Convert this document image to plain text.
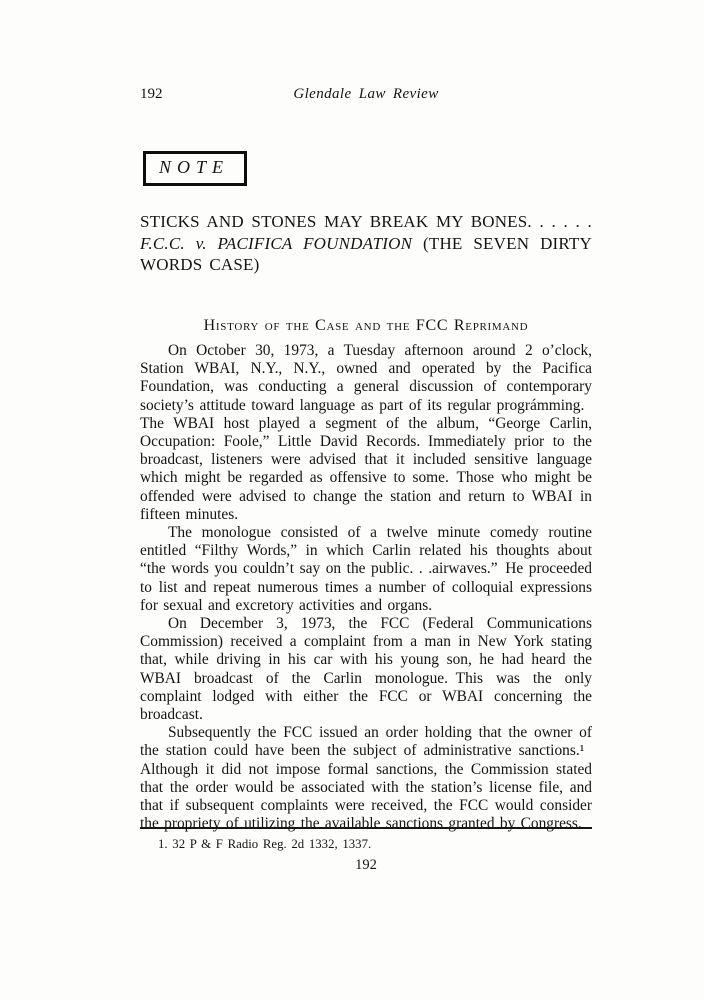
192	Glendale Law Review
NOTE

STICKS AND STONES MAY BREAK MY BONES. . . . . . F.C.C. v. PACIFICA FOUNDATION (THE SEVEN DIRTY WORDS CASE)

History of the Case and the FCC Reprimand

On October 30, 1973, a Tuesday afternoon around 2 o’clock, Station WBAI, N.Y., N.Y., owned and operated by the Pacifica Foundation, was conducting a general discussion of contemporary society’s attitude toward language as part of its regular prográmming. The WBAI host played a segment of the album, “George Carlin, Occupation: Foole,” Little David Records. Immediately prior to the broadcast, listeners were advised that it included sensitive language which might be regarded as offensive to some. Those who might be offended were advised to change the station and return to WBAI in fifteen minutes.

The monologue consisted of a twelve minute comedy routine entitled “Filthy Words,” in which Carlin related his thoughts about “the words you couldn’t say on the public. . .airwaves.” He proceeded to list and repeat numerous times a number of colloquial expressions for sexual and excretory activities and organs.

On December 3, 1973, the FCC (Federal Communications Commission) received a complaint from a man in New York stating that, while driving in his car with his young son, he had heard the WBAI broadcast of the Carlin monologue. This was the only complaint lodged with either the FCC or WBAI concerning the broadcast.

Subsequently the FCC issued an order holding that the owner of the station could have been the subject of administrative sanctions.¹ Although it did not impose formal sanctions, the Commission stated that the order would be associated with the station’s license file, and that if subsequent complaints were received, the FCC would consider the propriety of utilizing the available sanctions granted by Congress.

1. 32 P & F Radio Reg. 2d 1332, 1337.

192
